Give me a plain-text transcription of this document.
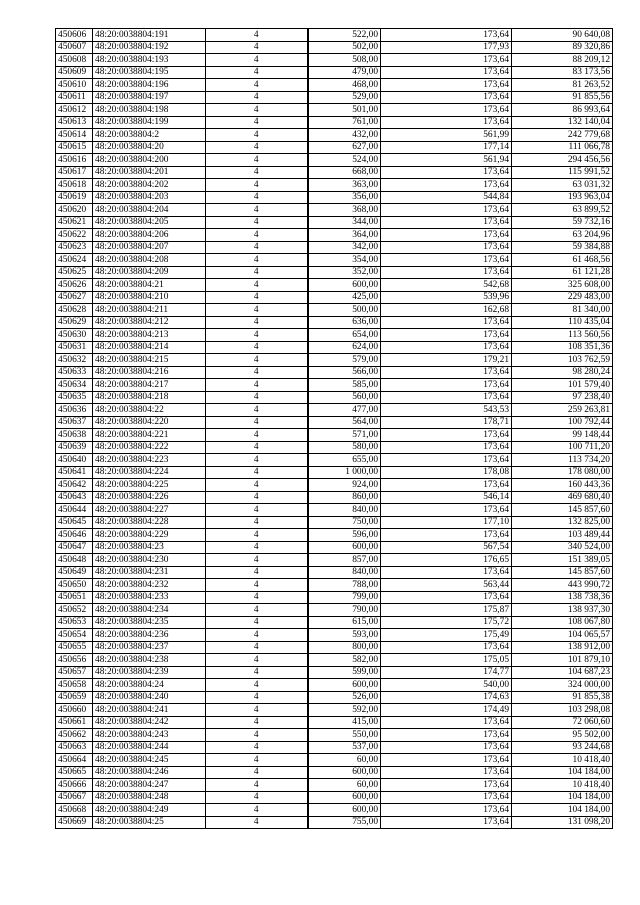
450606	48:20:0038804:191	4	522,00	173,64	90 640,08
450607	48:20:0038804:192	4	502,00	177,93	89 320,86
450608	48:20:0038804:193	4	508,00	173,64	88 209,12
450609	48:20:0038804:195	4	479,00	173,64	83 173,56
450610	48:20:0038804:196	4	468,00	173,64	81 263,52
450611	48:20:0038804:197	4	529,00	173,64	91 855,56
450612	48:20:0038804:198	4	501,00	173,64	86 993,64
450613	48:20:0038804:199	4	761,00	173,64	132 140,04
450614	48:20:0038804:2	4	432,00	561,99	242 779,68
450615	48:20:0038804:20	4	627,00	177,14	111 066,78
450616	48:20:0038804:200	4	524,00	561,94	294 456,56
450617	48:20:0038804:201	4	668,00	173,64	115 991,52
450618	48:20:0038804:202	4	363,00	173,64	63 031,32
450619	48:20:0038804:203	4	356,00	544,84	193 963,04
450620	48:20:0038804:204	4	368,00	173,64	63 899,52
450621	48:20:0038804:205	4	344,00	173,64	59 732,16
450622	48:20:0038804:206	4	364,00	173,64	63 204,96
450623	48:20:0038804:207	4	342,00	173,64	59 384,88
450624	48:20:0038804:208	4	354,00	173,64	61 468,56
450625	48:20:0038804:209	4	352,00	173,64	61 121,28
450626	48:20:0038804:21	4	600,00	542,68	325 608,00
450627	48:20:0038804:210	4	425,00	539,96	229 483,00
450628	48:20:0038804:211	4	500,00	162,68	81 340,00
450629	48:20:0038804:212	4	636,00	173,64	110 435,04
450630	48:20:0038804:213	4	654,00	173,64	113 560,56
450631	48:20:0038804:214	4	624,00	173,64	108 351,36
450632	48:20:0038804:215	4	579,00	179,21	103 762,59
450633	48:20:0038804:216	4	566,00	173,64	98 280,24
450634	48:20:0038804:217	4	585,00	173,64	101 579,40
450635	48:20:0038804:218	4	560,00	173,64	97 238,40
450636	48:20:0038804:22	4	477,00	543,53	259 263,81
450637	48:20:0038804:220	4	564,00	178,71	100 792,44
450638	48:20:0038804:221	4	571,00	173,64	99 148,44
450639	48:20:0038804:222	4	580,00	173,64	100 711,20
450640	48:20:0038804:223	4	655,00	173,64	113 734,20
450641	48:20:0038804:224	4	1 000,00	178,08	178 080,00
450642	48:20:0038804:225	4	924,00	173,64	160 443,36
450643	48:20:0038804:226	4	860,00	546,14	469 680,40
450644	48:20:0038804:227	4	840,00	173,64	145 857,60
450645	48:20:0038804:228	4	750,00	177,10	132 825,00
450646	48:20:0038804:229	4	596,00	173,64	103 489,44
450647	48:20:0038804:23	4	600,00	567,54	340 524,00
450648	48:20:0038804:230	4	857,00	176,65	151 389,05
450649	48:20:0038804:231	4	840,00	173,64	145 857,60
450650	48:20:0038804:232	4	788,00	563,44	443 990,72
450651	48:20:0038804:233	4	799,00	173,64	138 738,36
450652	48:20:0038804:234	4	790,00	175,87	138 937,30
450653	48:20:0038804:235	4	615,00	175,72	108 067,80
450654	48:20:0038804:236	4	593,00	175,49	104 065,57
450655	48:20:0038804:237	4	800,00	173,64	138 912,00
450656	48:20:0038804:238	4	582,00	175,05	101 879,10
450657	48:20:0038804:239	4	599,00	174,77	104 687,23
450658	48:20:0038804:24	4	600,00	540,00	324 000,00
450659	48:20:0038804:240	4	526,00	174,63	91 855,38
450660	48:20:0038804:241	4	592,00	174,49	103 298,08
450661	48:20:0038804:242	4	415,00	173,64	72 060,60
450662	48:20:0038804:243	4	550,00	173,64	95 502,00
450663	48:20:0038804:244	4	537,00	173,64	93 244,68
450664	48:20:0038804:245	4	60,00	173,64	10 418,40
450665	48:20:0038804:246	4	600,00	173,64	104 184,00
450666	48:20:0038804:247	4	60,00	173,64	10 418,40
450667	48:20:0038804:248	4	600,00	173,64	104 184,00
450668	48:20:0038804:249	4	600,00	173,64	104 184,00
450669	48:20:0038804:25	4	755,00	173,64	131 098,20
